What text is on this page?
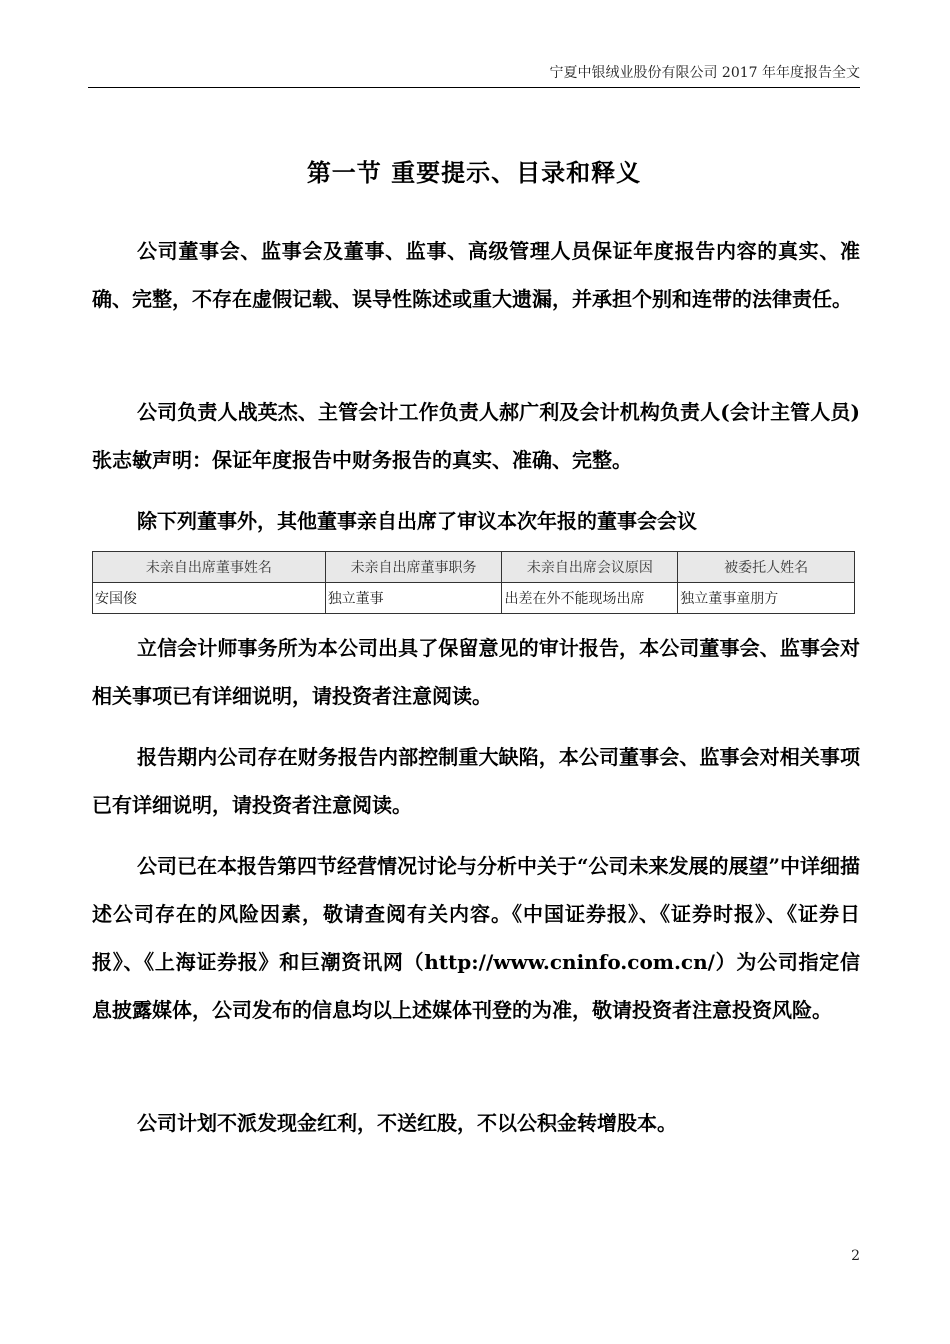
宁夏中银绒业股份有限公司 2017 年年度报告全文
第一节 重要提示、目录和释义

公司董事会、监事会及董事、监事、高级管理人员保证年度报告内容的真实、准确、完整，不存在虚假记载、误导性陈述或重大遗漏，并承担个别和连带的法律责任。

公司负责人战英杰、主管会计工作负责人郝广利及会计机构负责人(会计主管人员)张志敏声明：保证年度报告中财务报告的真实、准确、完整。

除下列董事外，其他董事亲自出席了审议本次年报的董事会会议

未亲自出席董事姓名	未亲自出席董事职务	未亲自出席会议原因	被委托人姓名
安国俊	独立董事	出差在外不能现场出席	独立董事童朋方

立信会计师事务所为本公司出具了保留意见的审计报告，本公司董事会、监事会对相关事项已有详细说明，请投资者注意阅读。

报告期内公司存在财务报告内部控制重大缺陷，本公司董事会、监事会对相关事项已有详细说明，请投资者注意阅读。

公司已在本报告第四节经营情况讨论与分析中关于“公司未来发展的展望”中详细描述公司存在的风险因素，敬请查阅有关内容。《中国证券报》、《证券时报》、《证券日报》、《上海证券报》和巨潮资讯网（http://www.cninfo.com.cn/）为公司指定信息披露媒体，公司发布的信息均以上述媒体刊登的为准，敬请投资者注意投资风险。

公司计划不派发现金红利，不送红股，不以公积金转增股本。

2
